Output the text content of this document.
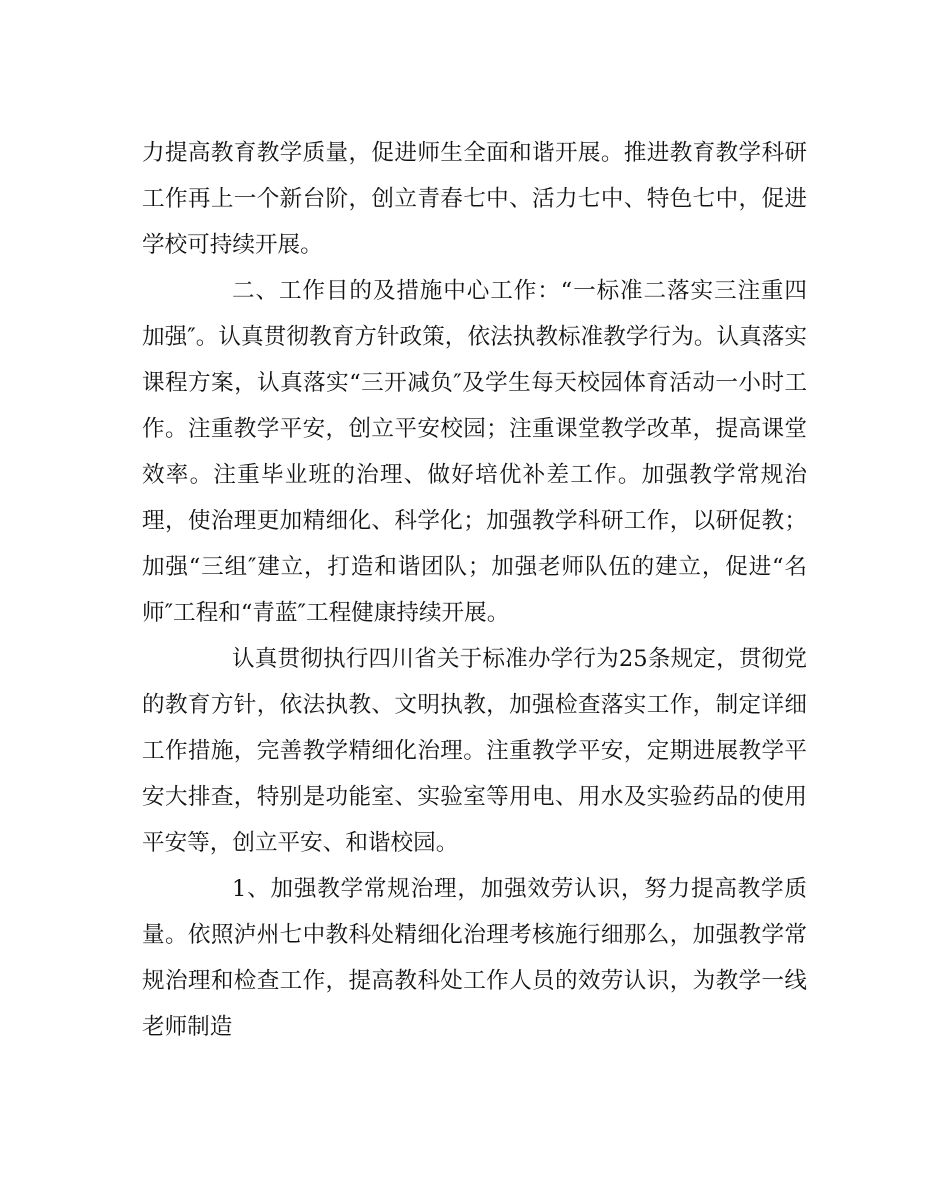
力提高教育教学质量，促进师生全面和谐开展。推进教育教学科研工作再上一个新台阶，创立青春七中、活力七中、特色七中，促进学校可持续开展。

二、工作目的及措施中心工作：“一标准二落实三注重四加强″。认真贯彻教育方针政策，依法执教标准教学行为。认真落实课程方案，认真落实“三开减负″及学生每天校园体育活动一小时工作。注重教学平安，创立平安校园；注重课堂教学改革，提高课堂效率。注重毕业班的治理、做好培优补差工作。加强教学常规治理，使治理更加精细化、科学化；加强教学科研工作，以研促教；加强“三组″建立，打造和谐团队；加强老师队伍的建立，促进“名师″工程和“青蓝″工程健康持续开展。

认真贯彻执行四川省关于标准办学行为25条规定，贯彻党的教育方针，依法执教、文明执教，加强检查落实工作，制定详细工作措施，完善教学精细化治理。注重教学平安，定期进展教学平安大排查，特别是功能室、实验室等用电、用水及实验药品的使用平安等，创立平安、和谐校园。

1、加强教学常规治理，加强效劳认识，努力提高教学质量。依照泸州七中教科处精细化治理考核施行细那么，加强教学常规治理和检查工作，提高教科处工作人员的效劳认识，为教学一线老师制造
